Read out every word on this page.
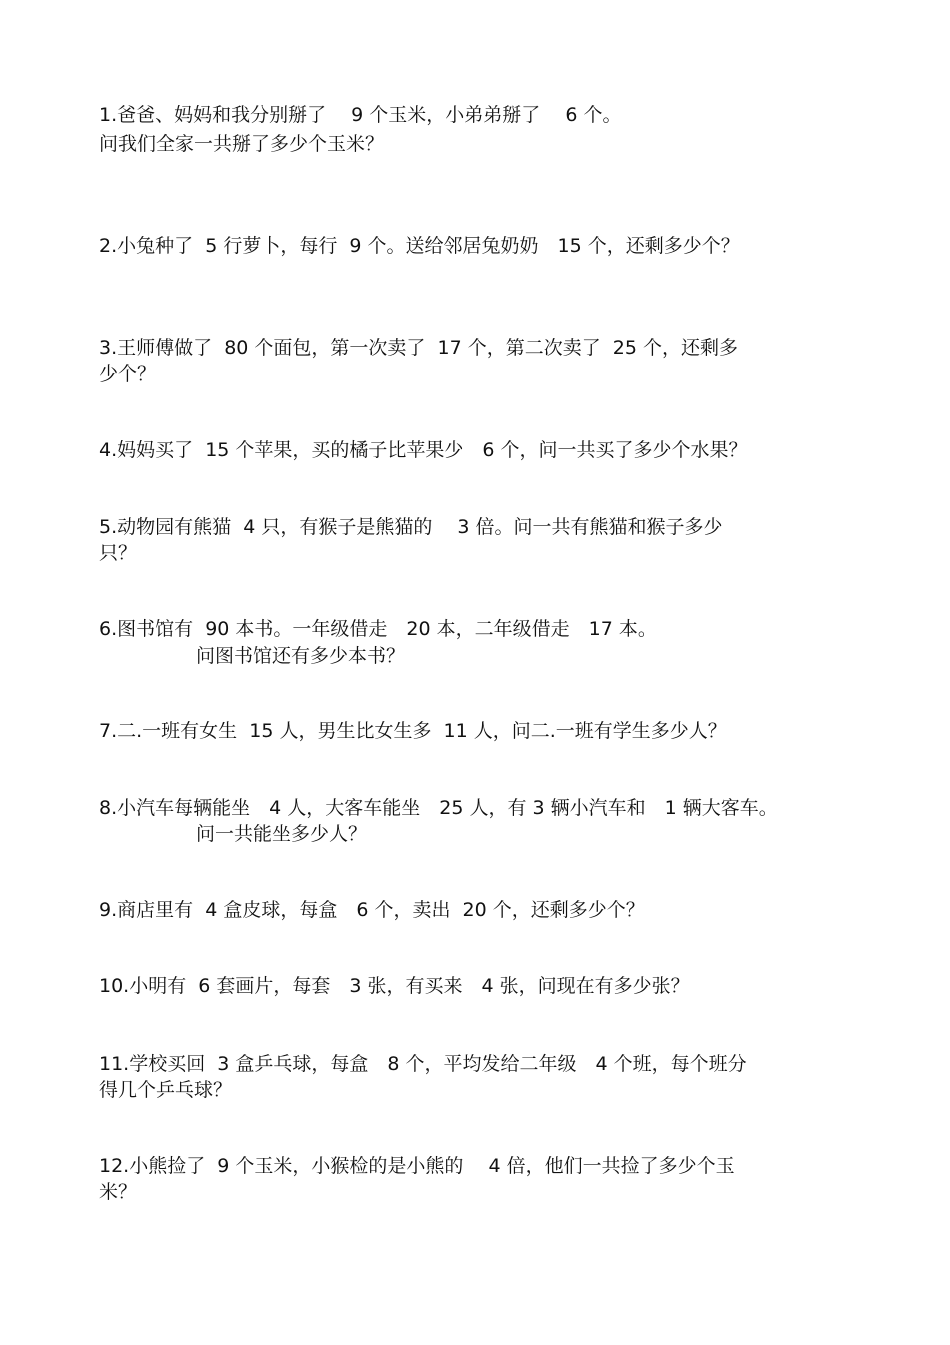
1.爸爸、妈妈和我分别掰了　 9 个玉米，小弟弟掰了　 6 个。
问我们全家一共掰了多少个玉米？
2.小兔种了  5 行萝卜，每行  9 个。送给邻居兔奶奶　15 个，还剩多少个？
3.王师傅做了  80 个面包，第一次卖了  17 个，第二次卖了  25 个，还剩多
少个？
4.妈妈买了  15 个苹果，买的橘子比苹果少　6 个，问一共买了多少个水果？
5.动物园有熊猫  4 只，有猴子是熊猫的　 3 倍。问一共有熊猫和猴子多少
只？
6.图书馆有  90 本书。一年级借走　20 本，二年级借走　17 本。
问图书馆还有多少本书？
7.二.一班有女生  15 人，男生比女生多  11 人，问二.一班有学生多少人？
8.小汽车每辆能坐　4 人，大客车能坐　25 人，有 3 辆小汽车和　1 辆大客车。
问一共能坐多少人？
9.商店里有  4 盒皮球，每盒　6 个，卖出  20 个，还剩多少个？
10.小明有  6 套画片，每套　3 张，有买来　4 张，问现在有多少张？
11.学校买回  3 盒乒乓球，每盒　8 个，平均发给二年级　4 个班，每个班分
得几个乒乓球？
12.小熊捡了  9 个玉米，小猴检的是小熊的　 4 倍，他们一共捡了多少个玉
米？
